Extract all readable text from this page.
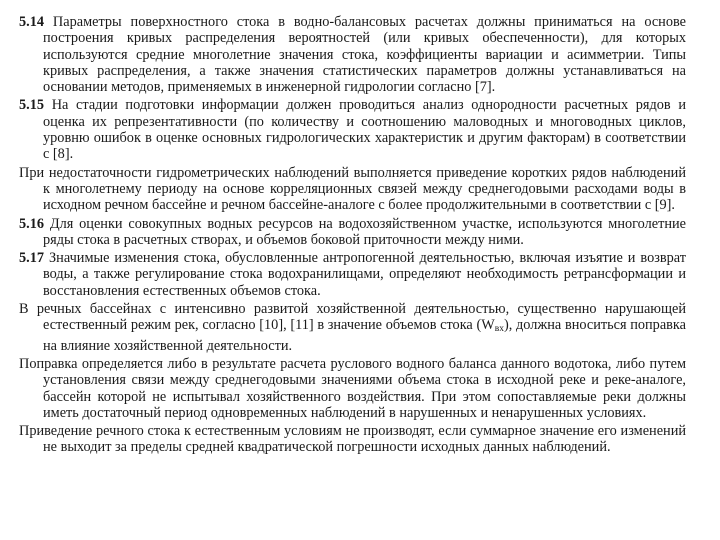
5.14 Параметры поверхностного стока в водно-балансовых расчетах должны приниматься на основе построения кривых распределения вероятностей (или кривых обеспеченности), для которых используются средние многолетние значения стока, коэффициенты вариации и асимметрии. Типы кривых распределения, а также значения статистических параметров должны устанавливаться на основании методов, применяемых в инженерной гидрологии согласно [7].

5.15 На стадии подготовки информации должен проводиться анализ однородности расчетных рядов и оценка их репрезентативности (по количеству и соотношению маловодных и многоводных циклов, уровню ошибок в оценке основных гидрологических характеристик и другим факторам) в соответствии с [8].

При недостаточности гидрометрических наблюдений выполняется приведение коротких рядов наблюдений к многолетнему периоду на основе корреляционных связей между среднегодовыми расходами воды в исходном речном бассейне и речном бассейне-аналоге с более продолжительными в соответствии с [9].

5.16 Для оценки совокупных водных ресурсов на водохозяйственном участке, используются многолетние ряды стока в расчетных створах, и объемов боковой приточности между ними.

5.17 Значимые изменения стока, обусловленные антропогенной деятельностью, включая изъятие и возврат воды, а также регулирование стока водохранилищами, определяют необходимость ретрансформации и восстановления естественных объемов стока.

В речных бассейнах с интенсивно развитой хозяйственной деятельностью, существенно нарушающей естественный режим рек, согласно [10], [11] в значение объемов стока $(W_{вх})$, должна вноситься поправка на влияние хозяйственной деятельности.

Поправка определяется либо в результате расчета руслового водного баланса данного водотока, либо путем установления связи между среднегодовыми значениями объема стока в исходной реке и реке-аналоге, бассейн которой не испытывал хозяйственного воздействия. При этом сопоставляемые реки должны иметь достаточный период одновременных наблюдений в нарушенных и ненарушенных условиях.

Приведение речного стока к естественным условиям не производят, если суммарное значение его изменений не выходит за пределы средней квадратической погрешности исходных данных наблюдений.
